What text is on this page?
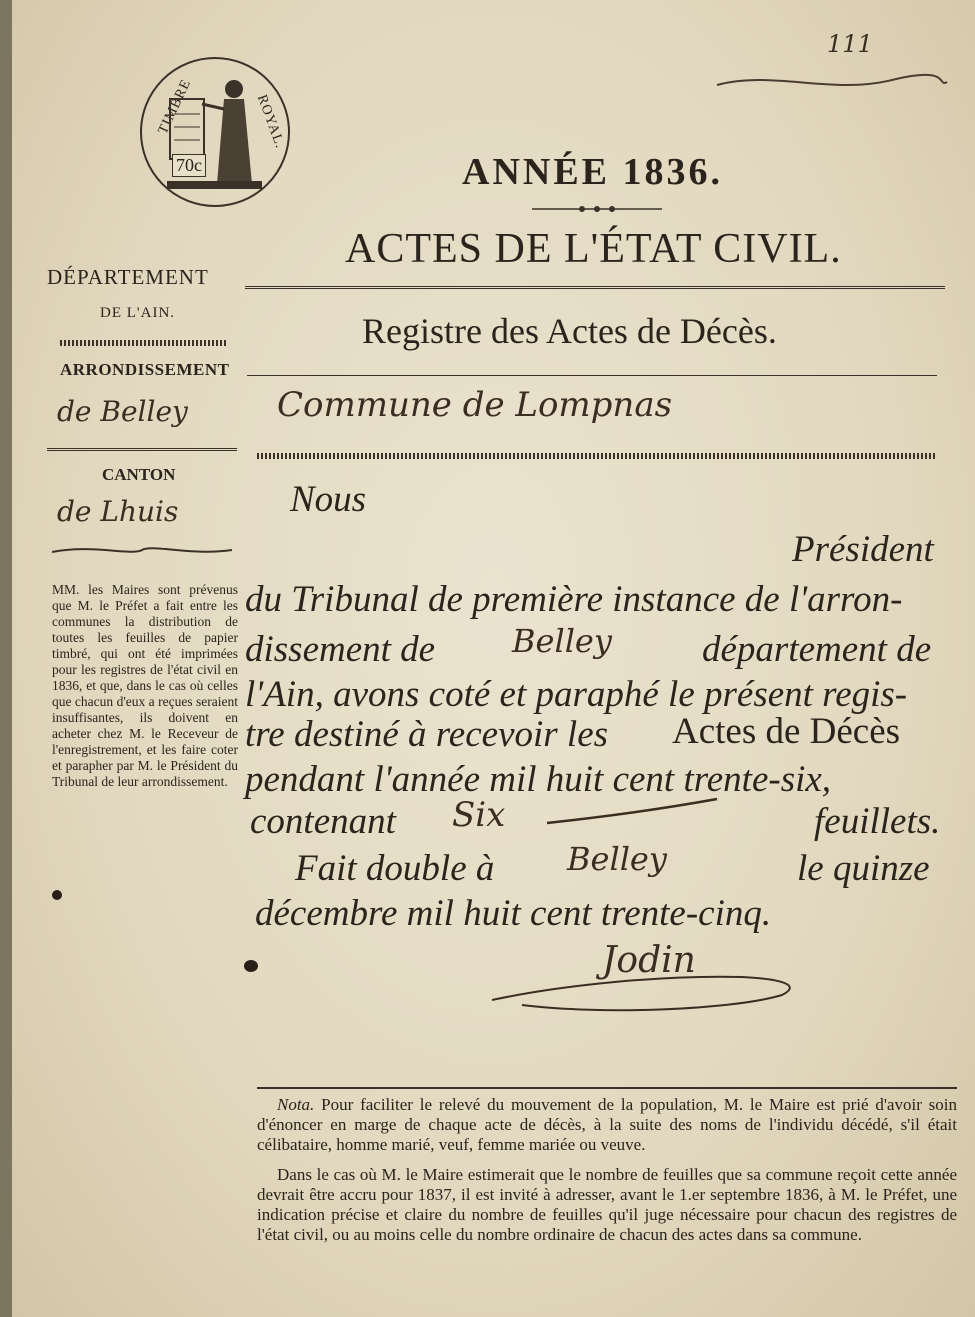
111
TIMBRE	ROYAL.
70c	ANNÉE 1836.
ACTES DE L'ÉTAT CIVIL.
Registre des Actes de Décès.
DÉPARTEMENT
DE L'AIN.
ARRONDISSEMENT
de Belley
CANTON
de Lhuis
MM. les Maires sont prévenus que M. le Préfet a fait entre les communes la distribution de toutes les feuilles de papier timbré, qui ont été imprimées pour les registres de l'état civil en 1836, et que, dans le cas où celles que chacun d'eux a reçues seraient insuffisantes, ils doivent en acheter chez M. le Receveur de l'enregistrement, et les faire coter et parapher par M. le Président du Tribunal de leur arrondissement.
Commune de Lompnas
Nous
Président
du Tribunal de première instance de l'arron-
dissement de Belley département de
l'Ain, avons coté et paraphé le présent regis-
tre destiné à recevoir les Actes de Décès
pendant l'année mil huit cent trente-six,
contenant Six	feuillets.
Fait double à Belley	le quinze
décembre mil huit cent trente-cinq.
Jodin

Nota. Pour faciliter le relevé du mouvement de la population, M. le Maire est prié d'avoir soin d'énoncer en marge de chaque acte de décès, à la suite des noms de l'individu décédé, s'il était célibataire, homme marié, veuf, femme mariée ou veuve.

Dans le cas où M. le Maire estimerait que le nombre de feuilles que sa commune reçoit cette année devrait être accru pour 1837, il est invité à adresser, avant le 1.er septembre 1836, à M. le Préfet, une indication précise et claire du nombre de feuilles qu'il juge nécessaire pour chacun des registres de l'état civil, ou au moins celle du nombre ordinaire de chacun des actes dans sa commune.
